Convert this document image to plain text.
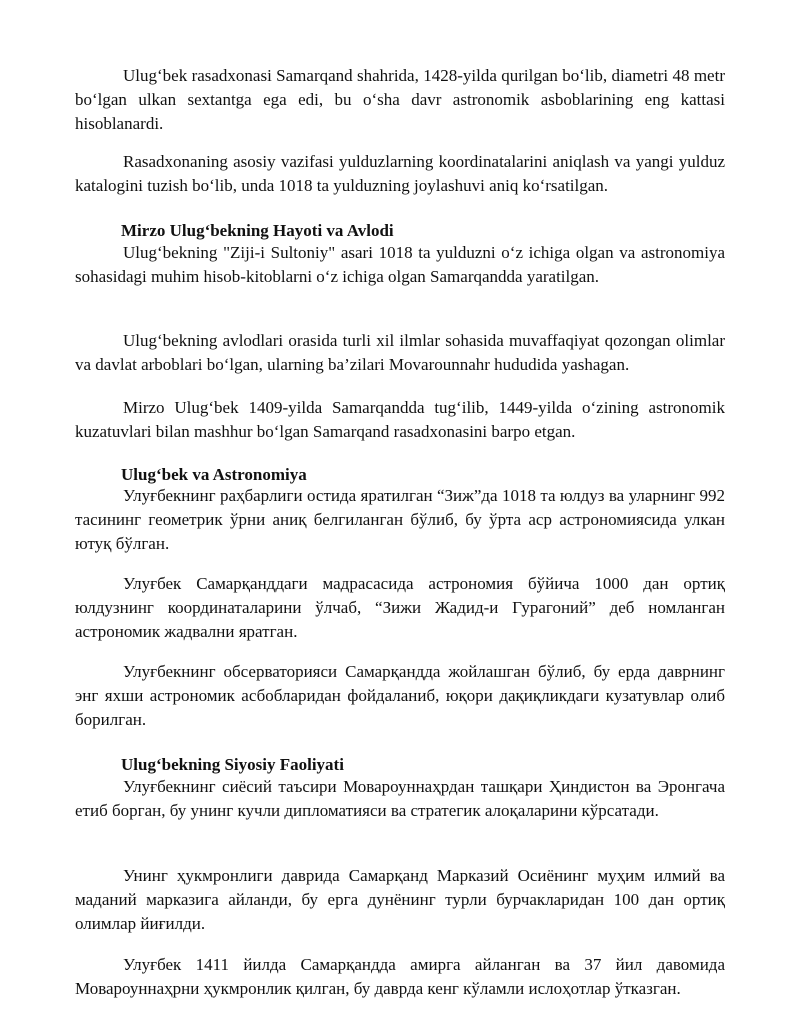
Ulug‘bek rasadxonasi Samarqand shahrida, 1428-yilda qurilgan bo‘lib, diametri 48 metr bo‘lgan ulkan sextantga ega edi, bu o‘sha davr astronomik asboblarining eng kattasi hisoblanardi.

Rasadxonaning asosiy vazifasi yulduzlarning koordinatalarini aniqlash va yangi yulduz katalogini tuzish bo‘lib, unda 1018 ta yulduzning joylashuvi aniq ko‘rsatilgan.

Mirzo Ulug‘bekning Hayoti va Avlodi

Ulug‘bekning "Ziji-i Sultoniy" asari 1018 ta yulduzni o‘z ichiga olgan va astronomiya sohasidagi muhim hisob-kitoblarni o‘z ichiga olgan Samarqandda yaratilgan.

Ulug‘bekning avlodlari orasida turli xil ilmlar sohasida muvaffaqiyat qozongan olimlar va davlat arboblari bo‘lgan, ularning ba’zilari Movarounnahr hududida yashagan.

Mirzo Ulug‘bek 1409-yilda Samarqandda tug‘ilib, 1449-yilda o‘zining astronomik kuzatuvlari bilan mashhur bo‘lgan Samarqand rasadxonasini barpo etgan.

Ulug‘bek va Astronomiya

Улуғбекнинг раҳбарлиги остида яратилган “Зиж”да 1018 та юлдуз ва уларнинг 992 тасининг геометрик ўрни аниқ белгиланган бўлиб, бу ўрта аср астрономиясида улкан ютуқ бўлган.

Улуғбек Самарқанддаги мадрасасида астрономия бўйича 1000 дан ортиқ юлдузнинг координаталарини ўлчаб, “Зижи Жадид-и Гурагоний” деб номланган астрономик жадвални яратган.

Улуғбекнинг обсерваторияси Самарқандда жойлашган бўлиб, бу ерда даврнинг энг яхши астрономик асбобларидан фойдаланиб, юқори дақиқликдаги кузатувлар олиб борилган.

Ulug‘bekning Siyosiy Faoliyati

Улуғбекнинг сиёсий таъсири Мовароуннаҳрдан ташқари Ҳиндистон ва Эронгача етиб борган, бу унинг кучли дипломатияси ва стратегик алоқаларини кўрсатади.

Унинг ҳукмронлиги даврида Самарқанд Марказий Осиёнинг муҳим илмий ва маданий марказига айланди, бу ерга дунёнинг турли бурчакларидан 100 дан ортиқ олимлар йиғилди.

Улуғбек 1411 йилда Самарқандда амирга айланган ва 37 йил давомида Мовароуннаҳрни ҳукмронлик қилган, бу даврда кенг кўламли ислоҳотлар ўтказган.
